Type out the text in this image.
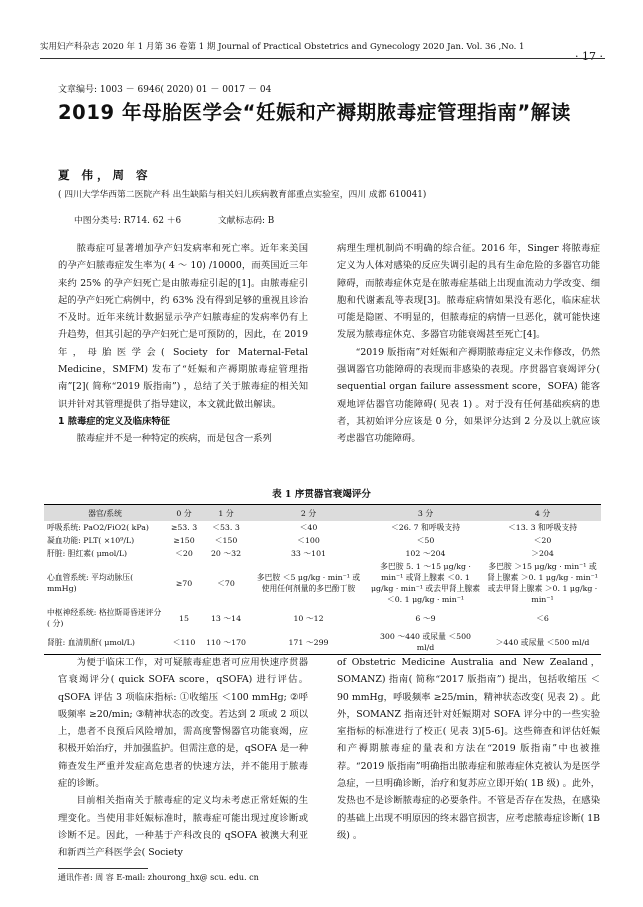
实用妇产科杂志 2020 年 1 月第 36 卷第 1 期 Journal of Practical Obstetrics and Gynecology 2020 Jan. Vol. 36 ,No. 1
· 17 ·
文章编号: 1003 － 6946( 2020) 01 － 0017 － 04
2019 年母胎医学会“妊娠和产褥期脓毒症管理指南”解读
夏 伟，周 容
( 四川大学华西第二医院产科 出生缺陷与相关妇儿疾病教育部重点实验室，四川 成都 610041)
中图分类号: R714. 62 ＋6	文献标志码: B

脓毒症可显著增加孕产妇发病率和死亡率。近年来美国的孕产妇脓毒症发生率为( 4 ～ 10) /10000，而英国近三年来约 25% 的孕产妇死亡是由脓毒症引起的[1]。由脓毒症引起的孕产妇死亡病例中，约 63% 没有得到足够的重视且诊治不及时。近年来统计数据显示孕产妇脓毒症的发病率仍有上升趋势，但其引起的孕产妇死亡是可预防的，因此，在 2019 年，母胎医学会( Society for Maternal-Fetal Medicine，SMFM) 发布了“妊娠和产褥期脓毒症管理指南”[2]( 简称“2019 版指南”) ，总结了关于脓毒症的相关知识并针对其管理提供了指导建议，本文就此做出解读。

1 脓毒症的定义及临床特征

脓毒症并不是一种特定的疾病，而是包含一系列

病理生理机制尚不明确的综合征。2016 年，Singer 将脓毒症定义为人体对感染的反应失调引起的具有生命危险的多器官功能障碍，而脓毒症休克是在脓毒症基础上出现血流动力学改变、细胞和代谢紊乱等表现[3]。脓毒症病情如果没有恶化，临床症状可能是隐匿、不明显的，但脓毒症的病情一旦恶化，就可能快速发展为脓毒症休克、多器官功能衰竭甚至死亡[4]。

“2019 版指南”对妊娠和产褥期脓毒症定义未作修改，仍然强调器官功能障碍的表现而非感染的表现。序贯器官衰竭评分( sequential organ failure assessment score，SOFA) 能客观地评估器官功能障碍( 见表 1) 。对于没有任何基础疾病的患者，其初始评分应该是 0 分，如果评分达到 2 分及以上就应该考虑器官功能障碍。

表 1 序贯器官衰竭评分
器官/系统	0 分	1 分	2 分	3 分	4 分
呼吸系统: PaO2/FiO2( kPa)	≥53. 3	＜53. 3	＜40	＜26. 7 和呼吸支持	＜13. 3 和呼吸支持
凝血功能: PLT( ×10⁹/L)	≥150	＜150	＜100	＜50	＜20
肝脏: 胆红素( μmol/L)	＜20	20 ～32	33 ～101	102 ～204	＞204
心血管系统: 平均动脉压( mmHg)	≥70	＜70	多巴胺 ＜5 μg/kg · min⁻¹ 或使用任何剂量的多巴酚丁胺	多巴胺 5. 1 ～15 μg/kg · min⁻¹ 或肾上腺素 ＜0. 1 μg/kg · min⁻¹ 或去甲肾上腺素 ＜0. 1 μg/kg · min⁻¹	多巴胺 ＞15 μg/kg · min⁻¹ 或肾上腺素 ＞0. 1 μg/kg · min⁻¹ 或去甲肾上腺素 ＞0. 1 μg/kg · min⁻¹
中枢神经系统: 格拉斯哥昏迷评分( 分)	15	13 ～14	10 ～12	6 ～9	＜6
肾脏: 血清肌酐( μmol/L)	＜110	110 ～170	171 ～299	300 ～440 或尿量 ＜500 ml/d	＞440 或尿量 ＜500 ml/d

为便于临床工作，对可疑脓毒症患者可应用快速序贯器官衰竭评分( quick SOFA score，qSOFA) 进行评估。qSOFA 评估 3 项临床指标: ①收缩压 ＜100 mmHg; ②呼吸频率 ≥20/min; ③精神状态的改变。若达到 2 项或 2 项以上，患者不良预后风险增加，需高度警惕器官功能衰竭，应积极开始治疗，并加强监护。但需注意的是，qSOFA 是一种筛查发生严重并发症高危患者的快速方法，并不能用于脓毒症的诊断。

目前相关指南关于脓毒症的定义均未考虑正常妊娠的生理变化。当使用非妊娠标准时，脓毒症可能出现过度诊断或诊断不足。因此，一种基于产科改良的 qSOFA 被澳大利亚和新西兰产科医学会( Society

of Obstetric Medicine Australia and New Zealand，SOMANZ) 指南( 简称“2017 版指南”) 提出，包括收缩压 ＜90 mmHg，呼吸频率 ≥25/min，精神状态改变( 见表 2) 。此外，SOMANZ 指南还针对妊娠期对 SOFA 评分中的一些实验室指标的标准进行了校正( 见表 3)[5-6]。这些筛查和评估妊娠和产褥期脓毒症的量表和方法在“2019 版指南”中也被推荐。“2019 版指南”明确指出脓毒症和脓毒症休克被认为是医学急症，一旦明确诊断，治疗和复苏应立即开始( 1B 级) 。此外，发热也不是诊断脓毒症的必要条件。不管是否存在发热，在感染的基础上出现不明原因的终末器官损害，应考虑脓毒症诊断( 1B 级) 。

通讯作者: 周 容 E-mail: zhourong_hx@ scu. edu. cn
